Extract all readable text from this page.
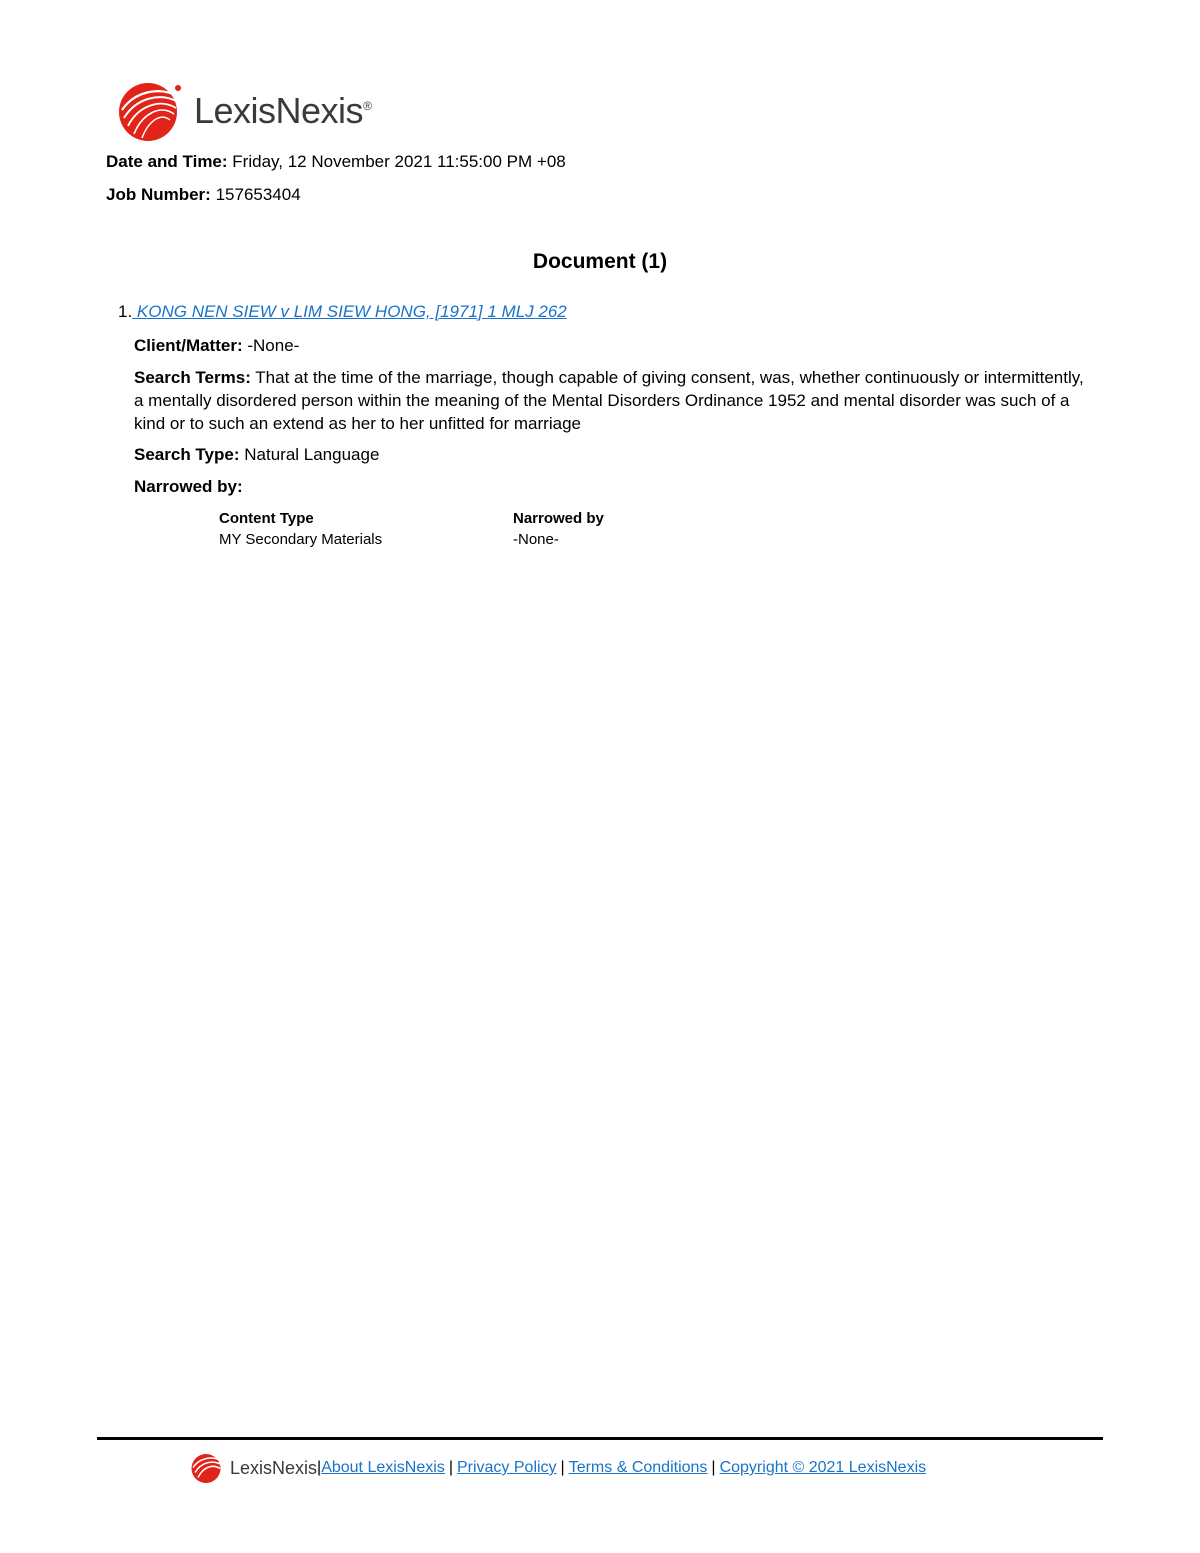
LexisNexis®
Date and Time: Friday, 12 November 2021 11:55:00 PM +08
Job Number: 157653404
Document (1)
1. KONG NEN SIEW v LIM SIEW HONG, [1971] 1 MLJ 262
Client/Matter: -None-
Search Terms: That at the time of the marriage, though capable of giving consent, was, whether continuously or intermittently, a mentally disordered person within the meaning of the Mental Disorders Ordinance 1952 and mental disorder was such of a kind or to such an extend as her to her unfitted for marriage
Search Type: Natural Language
Narrowed by:
Content Type
MY Secondary Materials
Narrowed by
-None-
LexisNexis | About LexisNexis | Privacy Policy | Terms & Conditions | Copyright © 2021 LexisNexis
